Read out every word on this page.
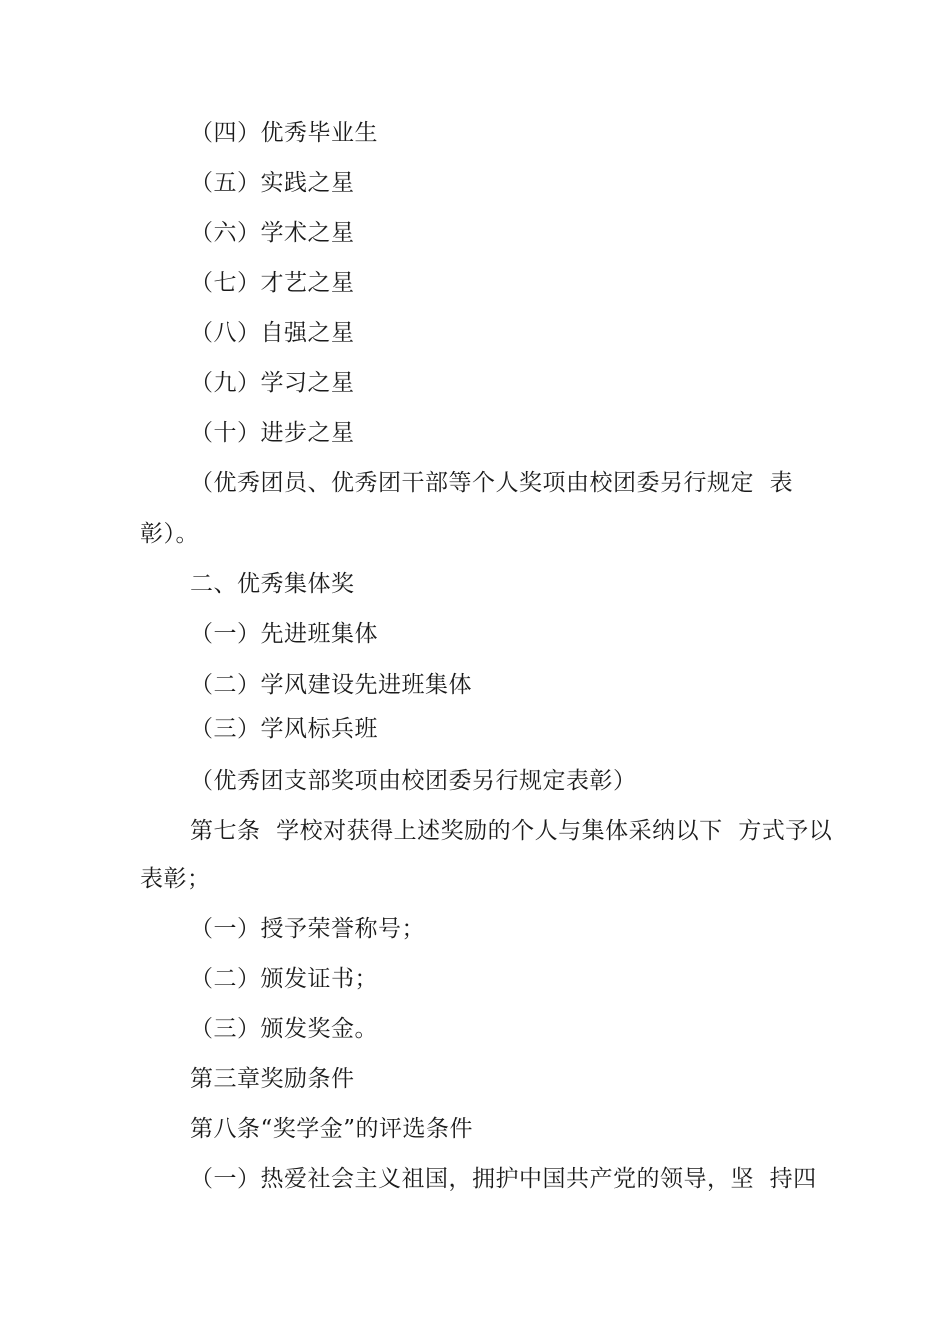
（四）优秀毕业生
（五）实践之星
（六）学术之星
（七）才艺之星
（八）自强之星
（九）学习之星
（十）进步之星
（优秀团员、优秀团干部等个人奖项由校团委另行规定  表
彰）。
二、优秀集体奖
（一）先进班集体
（二）学风建设先进班集体
（三）学风标兵班
（优秀团支部奖项由校团委另行规定表彰）
第七条  学校对获得上述奖励的个人与集体采纳以下  方式予以
表彰；
（一）授予荣誉称号；
（二）颁发证书；
（三）颁发奖金。
第三章奖励条件
第八条“奖学金”的评选条件
（一）热爱社会主义祖国，拥护中国共产党的领导，坚  持四
